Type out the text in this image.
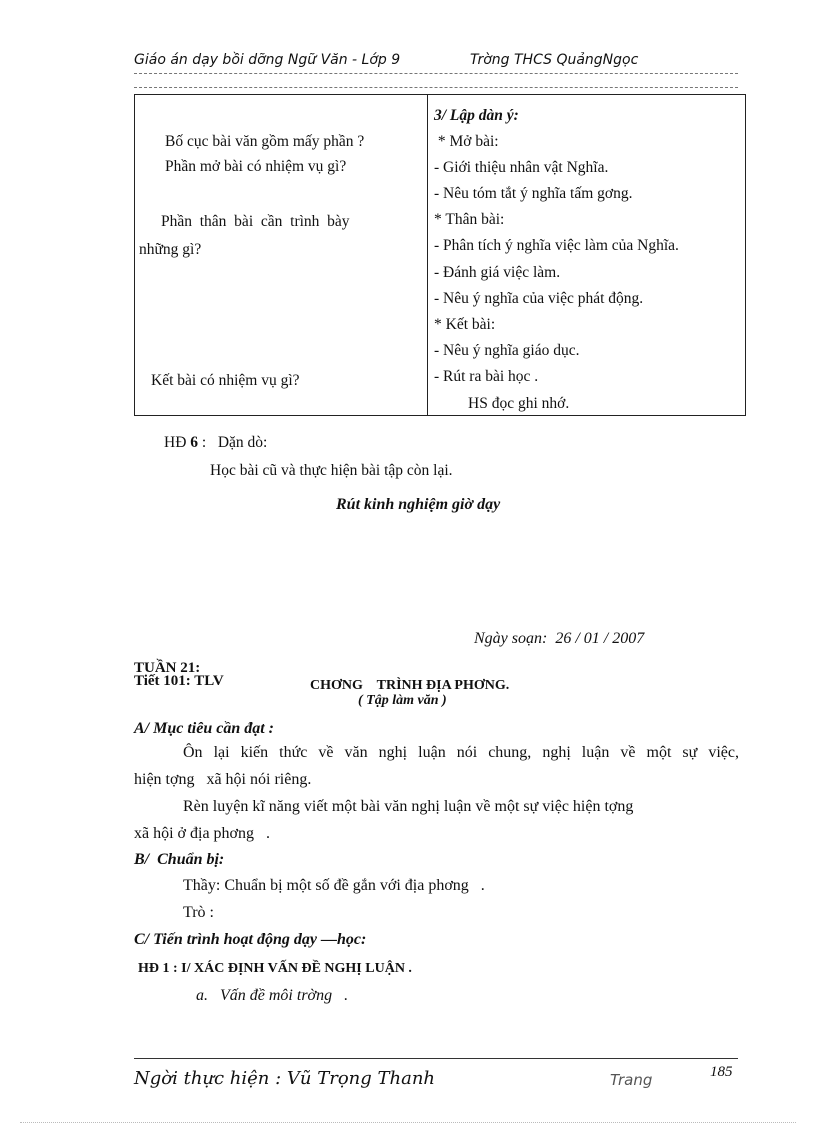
Giáo án dạy bồi dỡng Ngữ Văn - Lớp 9	Trờng THCS QuảngNgọc
Bố cục bài văn gồm mấy phần ?
Phần mở bài có nhiệm vụ gì?
Phần  thân  bài  cần  trình  bày
những gì?
Kết bài có nhiệm vụ gì?

3/ Lập dàn ý:
* Mở bài:
- Giới thiệu nhân vật Nghĩa.
- Nêu tóm tắt ý nghĩa tấm gơng.
* Thân bài:
- Phân tích ý nghĩa việc làm của Nghĩa.
- Đánh giá việc làm.
- Nêu ý nghĩa của việc phát động.
* Kết bài:
- Nêu ý nghĩa giáo dục.
- Rút ra bài học .
HS đọc ghi nhớ.
HĐ 6 : Dặn dò:
Học bài cũ và thực hiện bài tập còn lại.
Rút kinh nghiệm giờ dạy
Ngày soạn: 26 / 01 / 2007
TUẦN 21:
Tiết 101: TLV	CHƠNG    TRÌNH ĐỊA PHƠNG.
( Tập làm văn )
A/ Mục tiêu cần đạt :
Ôn lại kiến thức về văn nghị luận nói chung, nghị luận về một sự việc,
hiện tợng   xã hội nói riêng.
Rèn luyện kĩ năng viết một bài văn nghị luận về một sự việc hiện tợng
xã hội ở địa phơng   .
B/  Chuẩn bị:
Thầy: Chuẩn bị một số đề gắn với địa phơng   .
Trò :
C/ Tiến trình hoạt động dạy —học:
HĐ 1 : I/ XÁC ĐỊNH VẤN ĐỀ NGHỊ LUẬN .
a. Vấn đề môi trờng   .
Ngời thực hiện : Vũ Trọng Thanh	Trang	185
